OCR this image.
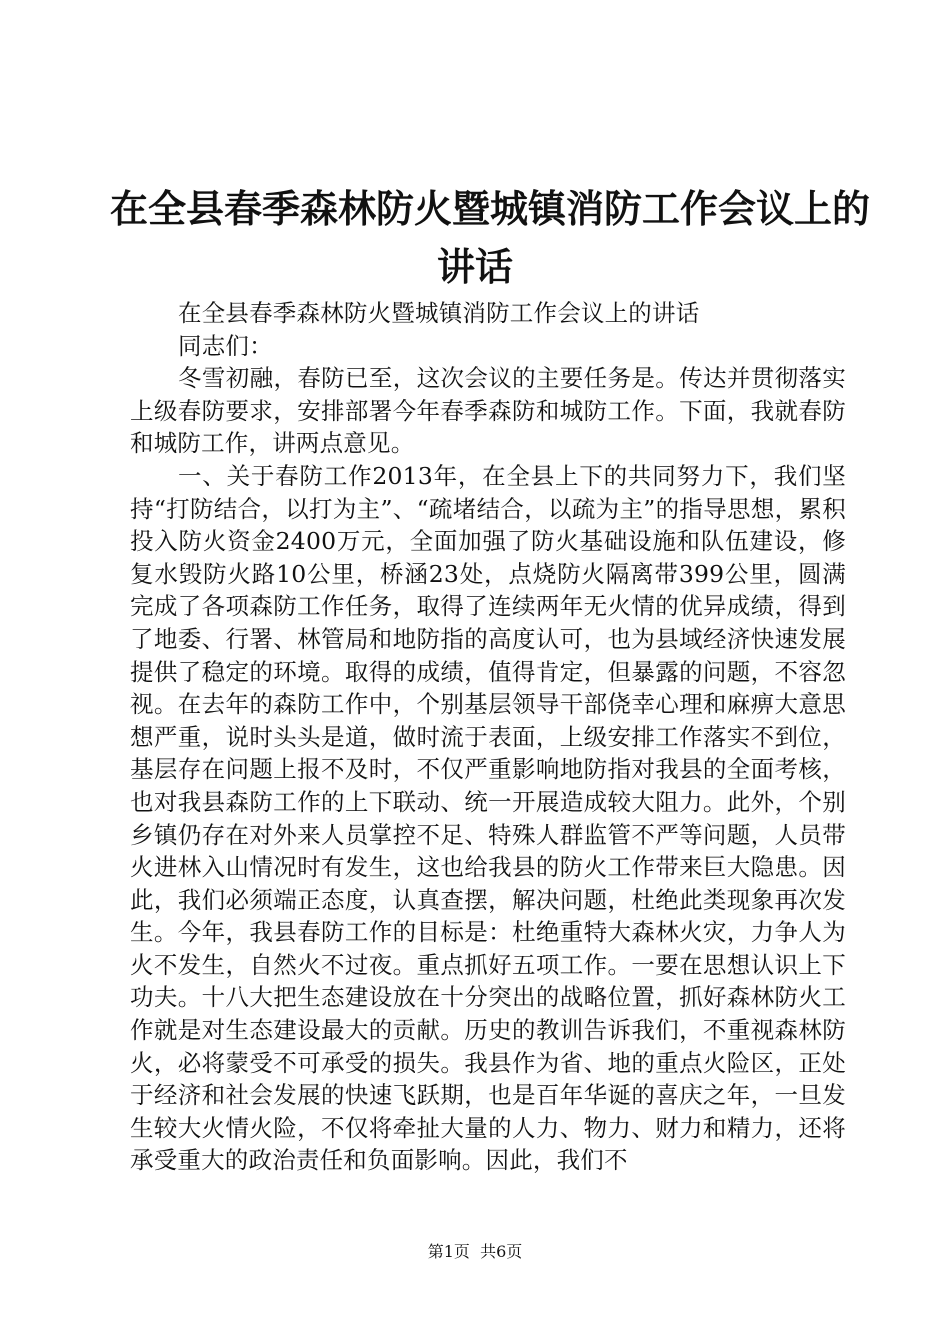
在全县春季森林防火暨城镇消防工作会议上的
讲话

在全县春季森林防火暨城镇消防工作会议上的讲话

同志们：

冬雪初融，春防已至，这次会议的主要任务是。传达并贯彻落实上级春防要求，安排部署今年春季森防和城防工作。下面，我就春防和城防工作，讲两点意见。

一、关于春防工作2013年，在全县上下的共同努力下，我们坚持“打防结合，以打为主”、“疏堵结合，以疏为主”的指导思想，累积投入防火资金2400万元，全面加强了防火基础设施和队伍建设，修复水毁防火路10公里，桥涵23处，点烧防火隔离带399公里，圆满完成了各项森防工作任务，取得了连续两年无火情的优异成绩，得到了地委、行署、林管局和地防指的高度认可，也为县域经济快速发展提供了稳定的环境。取得的成绩，值得肯定，但暴露的问题，不容忽视。在去年的森防工作中，个别基层领导干部侥幸心理和麻痹大意思想严重，说时头头是道，做时流于表面，上级安排工作落实不到位，基层存在问题上报不及时，不仅严重影响地防指对我县的全面考核，也对我县森防工作的上下联动、统一开展造成较大阻力。此外，个别乡镇仍存在对外来人员掌控不足、特殊人群监管不严等问题，人员带火进林入山情况时有发生，这也给我县的防火工作带来巨大隐患。因此，我们必须端正态度，认真查摆，解决问题，杜绝此类现象再次发生。今年，我县春防工作的目标是：杜绝重特大森林火灾，力争人为火不发生，自然火不过夜。重点抓好五项工作。一要在思想认识上下功夫。十八大把生态建设放在十分突出的战略位置，抓好森林防火工作就是对生态建设最大的贡献。历史的教训告诉我们，不重视森林防火，必将蒙受不可承受的损失。我县作为省、地的重点火险区，正处于经济和社会发展的快速飞跃期，也是百年华诞的喜庆之年，一旦发生较大火情火险，不仅将牵扯大量的人力、物力、财力和精力，还将承受重大的政治责任和负面影响。因此，我们不

第1页  共6页
